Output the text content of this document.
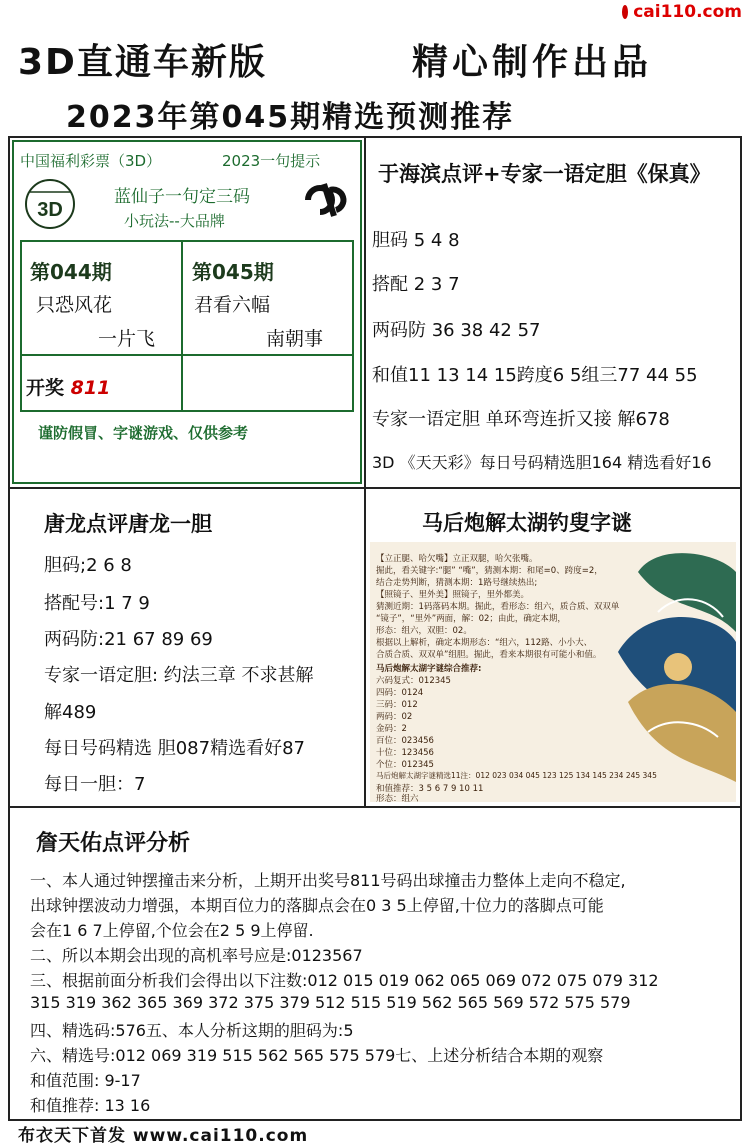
cai110.com
3D直通车新版	精心制作出品
2023年第045期精选预测推荐
中国福利彩票（3D）	2023一句提示
3D
蓝仙子一句定三码
小玩法--大品牌
第044期
只恐风花
一片飞
第045期
君看六幅
南朝事
开奖 811
谨防假冒、字谜游戏、仅供参考
于海滨点评+专家一语定胆《保真》
胆码 5 4 8
搭配 2 3 7
两码防 36 38 42 57
和值11 13 14 15跨度6 5组三77 44 55
专家一语定胆 单环弯连折又接 解678
3D 《天天彩》每日号码精选胆164 精选看好16
唐龙点评唐龙一胆
胆码;2 6 8
搭配号:1 7 9
两码防:21 67 89 69
专家一语定胆: 约法三章 不求甚解
解489
每日号码精选 胆087精选看好87
每日一胆：7
马后炮解太湖钓叟字谜
【立正腿、哈欠嘴】立正双腿，哈欠张嘴。
掘此，看关键字:“腿” “嘴”，猜测本期：和尾=0、跨度=2，
结合走势判断，猜测本期：1路号继续热出;
【照镜子、里外美】照镜子，里外都美。
猜测近期：1码落码本期。掘此，看形态：组六，质合质、双双单
“镜子”，“里外”两面，解：02；由此，确定本期，
形态：组六，双胆：02。
根据以上解析，确定本期形态：“组六，112路、小小大、
合质合质、双双单”组胆。掘此，看来本期很有可能小和值。
马后炮解太湖字谜综合推荐:
六码复式：012345
四码：0124
三码：012
两码：02
金码：2
百位：023456
十位：123456
个位：012345
马后炮解太湖字谜精选11注：012 023 034 045 123 125 134 145 234 245 345
和值推荐：3 5 6 7 9 10 11
形态：组六
詹天佑点评分析
一、本人通过钟摆撞击来分析，上期开出奖号811号码出球撞击力整体上走向不稳定,
出球钟摆波动力增强，本期百位力的落脚点会在0 3 5上停留,十位力的落脚点可能
会在1 6 7上停留,个位会在2 5 9上停留.
二、所以本期会出现的高机率号应是:0123567
三、根据前面分析我们会得出以下注数:012 015 019 062 065 069 072 075 079 312
315 319 362 365 369 372 375 379 512 515 519 562 565 569 572 575 579
四、精选码:576五、本人分析这期的胆码为:5
六、精选号:012 069 319 515 562 565 575 579七、上述分析结合本期的观察
和值范围: 9-17
和值推荐: 13 16
布衣天下首发 www.cai110.com
